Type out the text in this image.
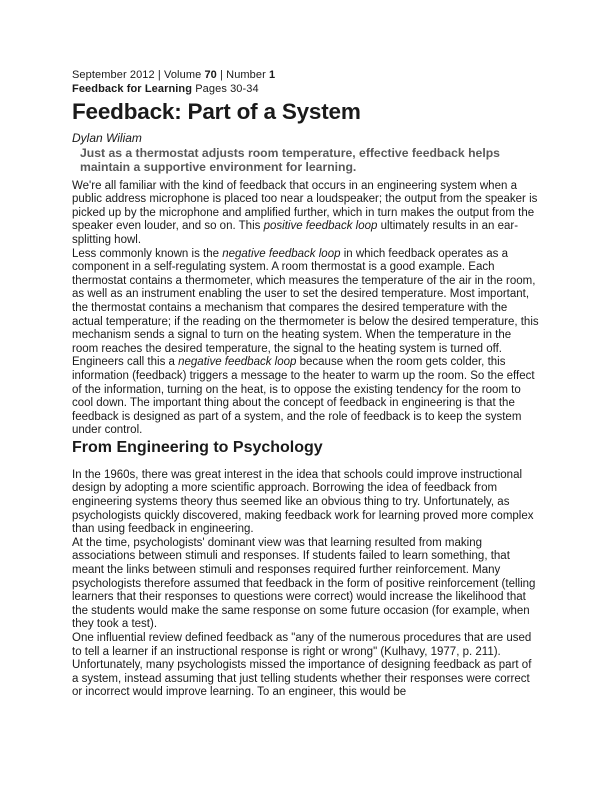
September 2012 | Volume 70 | Number 1
Feedback for Learning Pages 30-34
Feedback: Part of a System
Dylan Wiliam
Just as a thermostat adjusts room temperature, effective feedback helps maintain a supportive environment for learning.

We're all familiar with the kind of feedback that occurs in an engineering system when a public address microphone is placed too near a loudspeaker; the output from the speaker is picked up by the microphone and amplified further, which in turn makes the output from the speaker even louder, and so on. This positive feedback loop ultimately results in an ear-splitting howl.

Less commonly known is the negative feedback loop in which feedback operates as a component in a self-regulating system. A room thermostat is a good example. Each thermostat contains a thermometer, which measures the temperature of the air in the room, as well as an instrument enabling the user to set the desired temperature. Most important, the thermostat contains a mechanism that compares the desired temperature with the actual temperature; if the reading on the thermometer is below the desired temperature, this mechanism sends a signal to turn on the heating system. When the temperature in the room reaches the desired temperature, the signal to the heating system is turned off.

Engineers call this a negative feedback loop because when the room gets colder, this information (feedback) triggers a message to the heater to warm up the room. So the effect of the information, turning on the heat, is to oppose the existing tendency for the room to cool down. The important thing about the concept of feedback in engineering is that the feedback is designed as part of a system, and the role of feedback is to keep the system under control.

From Engineering to Psychology

In the 1960s, there was great interest in the idea that schools could improve instructional design by adopting a more scientific approach. Borrowing the idea of feedback from engineering systems theory thus seemed like an obvious thing to try. Unfortunately, as psychologists quickly discovered, making feedback work for learning proved more complex than using feedback in engineering.

At the time, psychologists' dominant view was that learning resulted from making associations between stimuli and responses. If students failed to learn something, that meant the links between stimuli and responses required further reinforcement. Many psychologists therefore assumed that feedback in the form of positive reinforcement (telling learners that their responses to questions were correct) would increase the likelihood that the students would make the same response on some future occasion (for example, when they took a test).

One influential review defined feedback as "any of the numerous procedures that are used to tell a learner if an instructional response is right or wrong" (Kulhavy, 1977, p. 211). Unfortunately, many psychologists missed the importance of designing feedback as part of a system, instead assuming that just telling students whether their responses were correct or incorrect would improve learning. To an engineer, this would be
